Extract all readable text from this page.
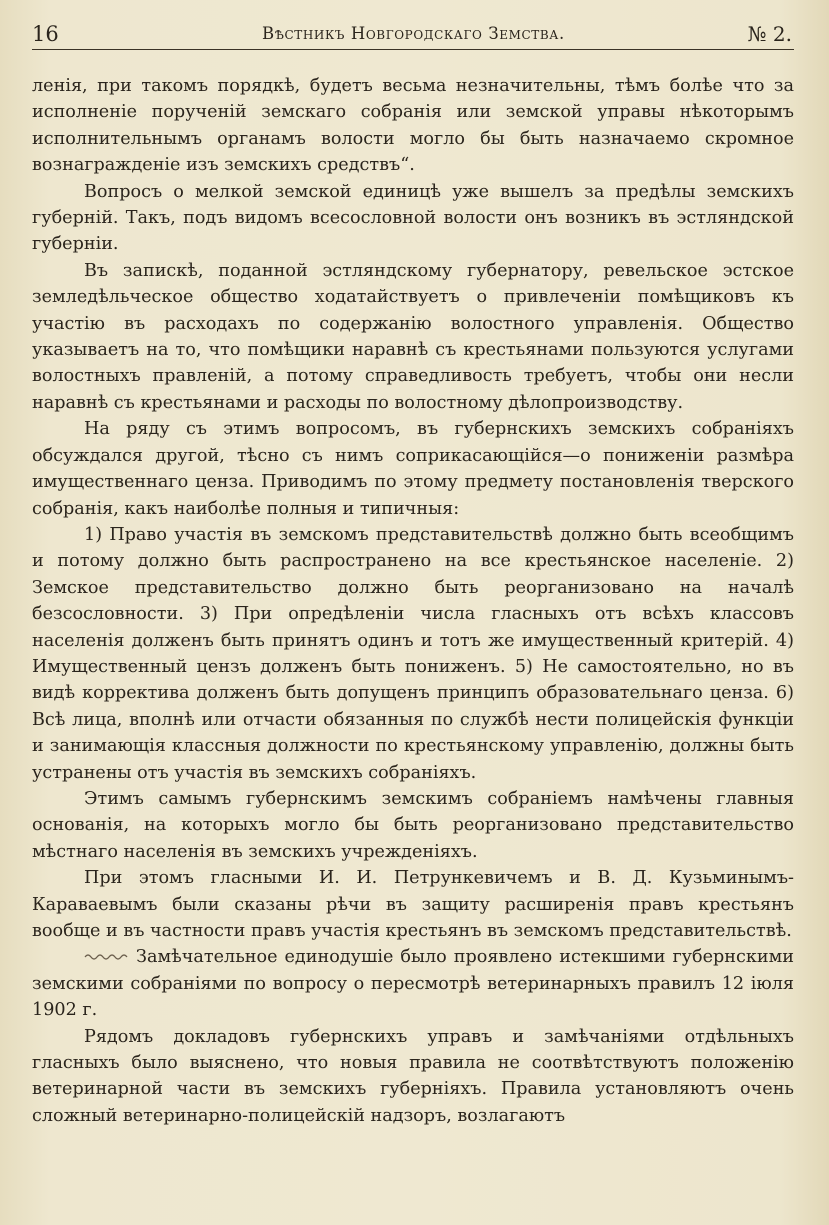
16	Вѣстникъ Новгородскаго Земства.	№ 2.

ленія, при такомъ порядкѣ, будетъ весьма незначительны, тѣмъ болѣе что за исполненіе порученій земскаго собранія или земской управы нѣкоторымъ исполнительнымъ органамъ волости могло бы быть назначаемо скромное вознагражденіе изъ земскихъ средствъ“.

Вопросъ о мелкой земской единицѣ уже вышелъ за предѣлы земскихъ губерній. Такъ, подъ видомъ всесословной волости онъ возникъ въ эстляндской губерніи.

Въ запискѣ, поданной эстляндскому губернатору, ревельское эстское земледѣльческое общество ходатайствуетъ о привлеченіи помѣщиковъ къ участію въ расходахъ по содержанію волостного управленія. Общество указываетъ на то, что помѣщики наравнѣ съ крестьянами пользуются услугами волостныхъ правленій, а потому справедливость требуетъ, чтобы они несли наравнѣ съ крестьянами и расходы по волостному дѣлопроизводству.

На ряду съ этимъ вопросомъ, въ губернскихъ земскихъ собраніяхъ обсуждался другой, тѣсно съ нимъ соприкасающійся—о пониженіи размѣра имущественнаго ценза. Приводимъ по этому предмету постановленія тверского собранія, какъ наиболѣе полныя и типичныя:

1) Право участія въ земскомъ представительствѣ должно быть всеобщимъ и потому должно быть распространено на все крестьянское населеніе. 2) Земское представительство должно быть реорганизовано на началѣ безсословности. 3) При опредѣленіи числа гласныхъ отъ всѣхъ классовъ населенія долженъ быть принятъ одинъ и тотъ же имущественный критерій. 4) Имущественный цензъ долженъ быть пониженъ. 5) Не самостоятельно, но въ видѣ корректива долженъ быть допущенъ принципъ образовательнаго ценза. 6) Всѣ лица, вполнѣ или отчасти обязанныя по службѣ нести полицейскія функціи и занимающія классныя должности по крестьянскому управленію, должны быть устранены отъ участія въ земскихъ собраніяхъ.

Этимъ самымъ губернскимъ земскимъ собраніемъ намѣчены главныя основанія, на которыхъ могло бы быть реорганизовано представительство мѣстнаго населенія въ земскихъ учрежденіяхъ.

При этомъ гласными И. И. Петрункевичемъ и В. Д. Кузьминымъ-Караваевымъ были сказаны рѣчи въ защиту расширенія правъ крестьянъ вообще и въ частности правъ участія крестьянъ въ земскомъ представительствѣ.

Замѣчательное единодушіе было проявлено истекшими губернскими земскими собраніями по вопросу о пересмотрѣ ветеринарныхъ правилъ 12 іюля 1902 г.

Рядомъ докладовъ губернскихъ управъ и замѣчаніями отдѣльныхъ гласныхъ было выяснено, что новыя правила не соотвѣтствуютъ положенію ветеринарной части въ земскихъ губерніяхъ. Правила установляютъ очень сложный ветеринарно-полицейскій надзоръ, возлагаютъ
